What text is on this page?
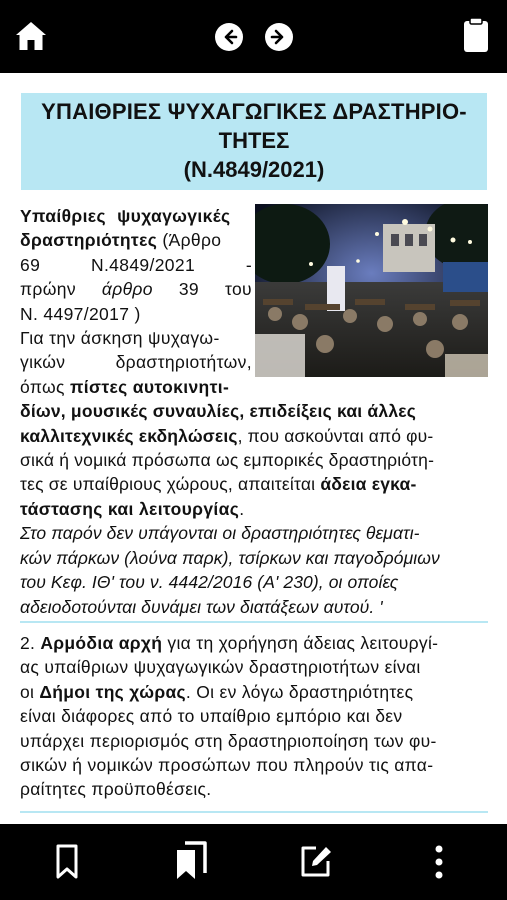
ΥΠΑΙΘΡΙΕΣ ΨΥΧΑΓΩΓΙΚΕΣ ΔΡΑΣΤΗΡΙΟ-
ΤΗΤΕΣ
(Ν.4849/2021)
Υπαίθριες ψυχαγωγικές
δραστηριότητες (Άρθρο
69	Ν.4849/2021	-
πρώην άρθρο 39 του
Ν. 4497/2017 )
Για την άσκηση ψυχαγω-
γικών	δραστηριοτήτων,
όπως πίστες αυτοκινητι-
δίων, μουσικές συναυλίες, επιδείξεις και άλλες
καλλιτεχνικές εκδηλώσεις, που ασκούνται από φυ-
σικά ή νομικά πρόσωπα ως εμπορικές δραστηριότη-
τες σε υπαίθριους χώρους, απαιτείται άδεια εγκα-
τάστασης και λειτουργίας.
Στο παρόν δεν υπάγονται οι δραστηριότητες θεματι-
κών πάρκων (λούνα παρκ), τσίρκων και παγοδρόμιων
του Κεφ. ΙΘ' του ν. 4442/2016 (Α' 230), οι οποίες
αδειοδοτούνται δυνάμει των διατάξεων αυτού. '
2. Αρμόδια αρχή για τη χορήγηση άδειας λειτουργί-
ας υπαίθριων ψυχαγωγικών δραστηριοτήτων είναι
οι Δήμοι της χώρας. Οι εν λόγω δραστηριότητες
είναι διάφορες από το υπαίθριο εμπόριο και δεν
υπάρχει περιορισμός στη δραστηριοποίηση των φυ-
σικών ή νομικών προσώπων που πληρούν τις απα-
ραίτητες προϋποθέσεις.
